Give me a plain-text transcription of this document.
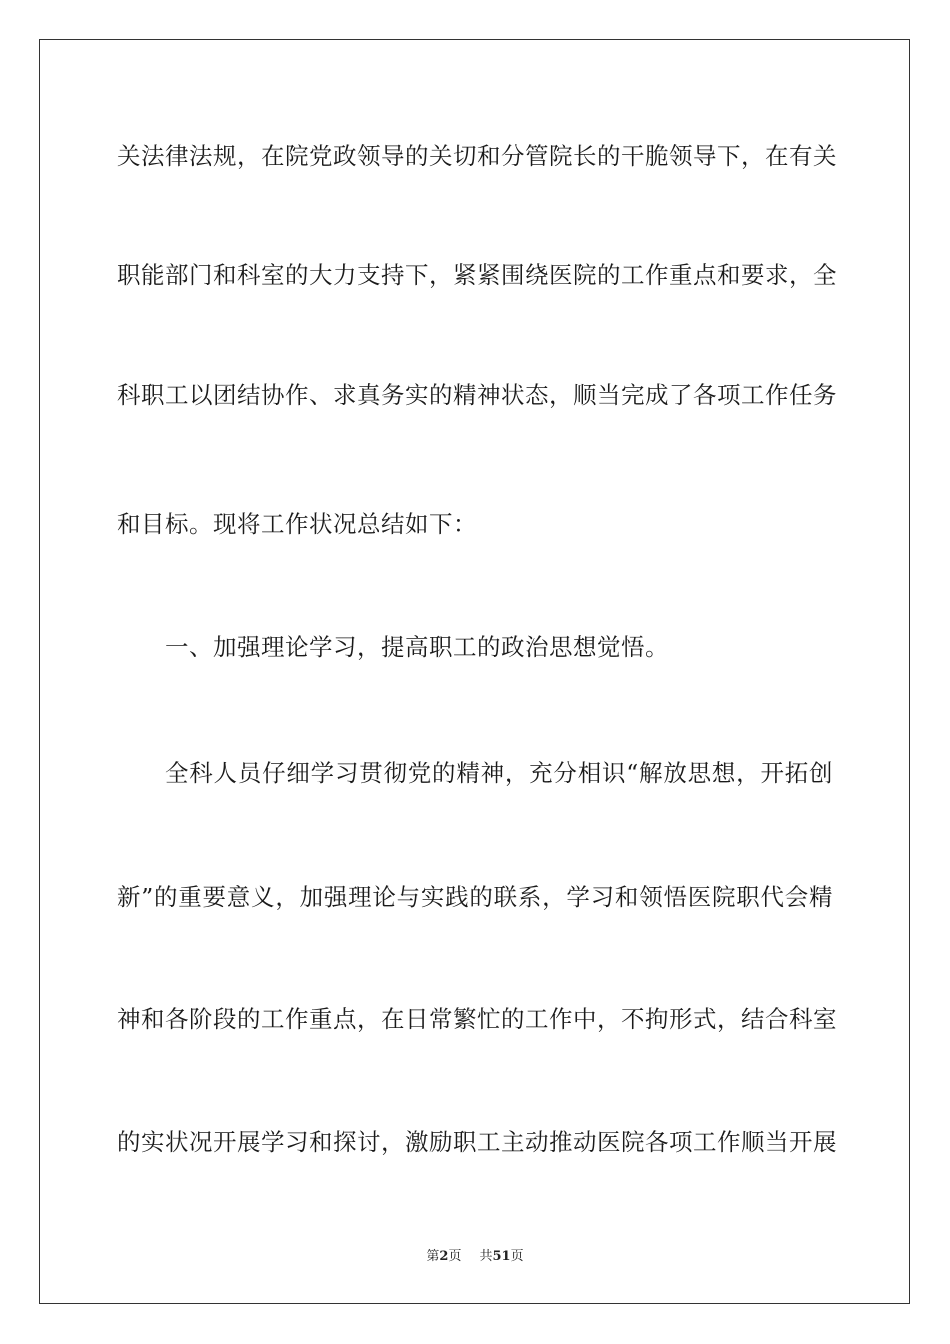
关法律法规，在院党政领导的关切和分管院长的干脆领导下，在有关
职能部门和科室的大力支持下，紧紧围绕医院的工作重点和要求，全
科职工以团结协作、求真务实的精神状态，顺当完成了各项工作任务
和目标。现将工作状况总结如下：
一、加强理论学习，提高职工的政治思想觉悟。
全科人员仔细学习贯彻党的精神，充分相识“解放思想，开拓创
新”的重要意义，加强理论与实践的联系，学习和领悟医院职代会精
神和各阶段的工作重点，在日常繁忙的工作中，不拘形式，结合科室
的实状况开展学习和探讨，激励职工主动推动医院各项工作顺当开展
第2页 共51页
